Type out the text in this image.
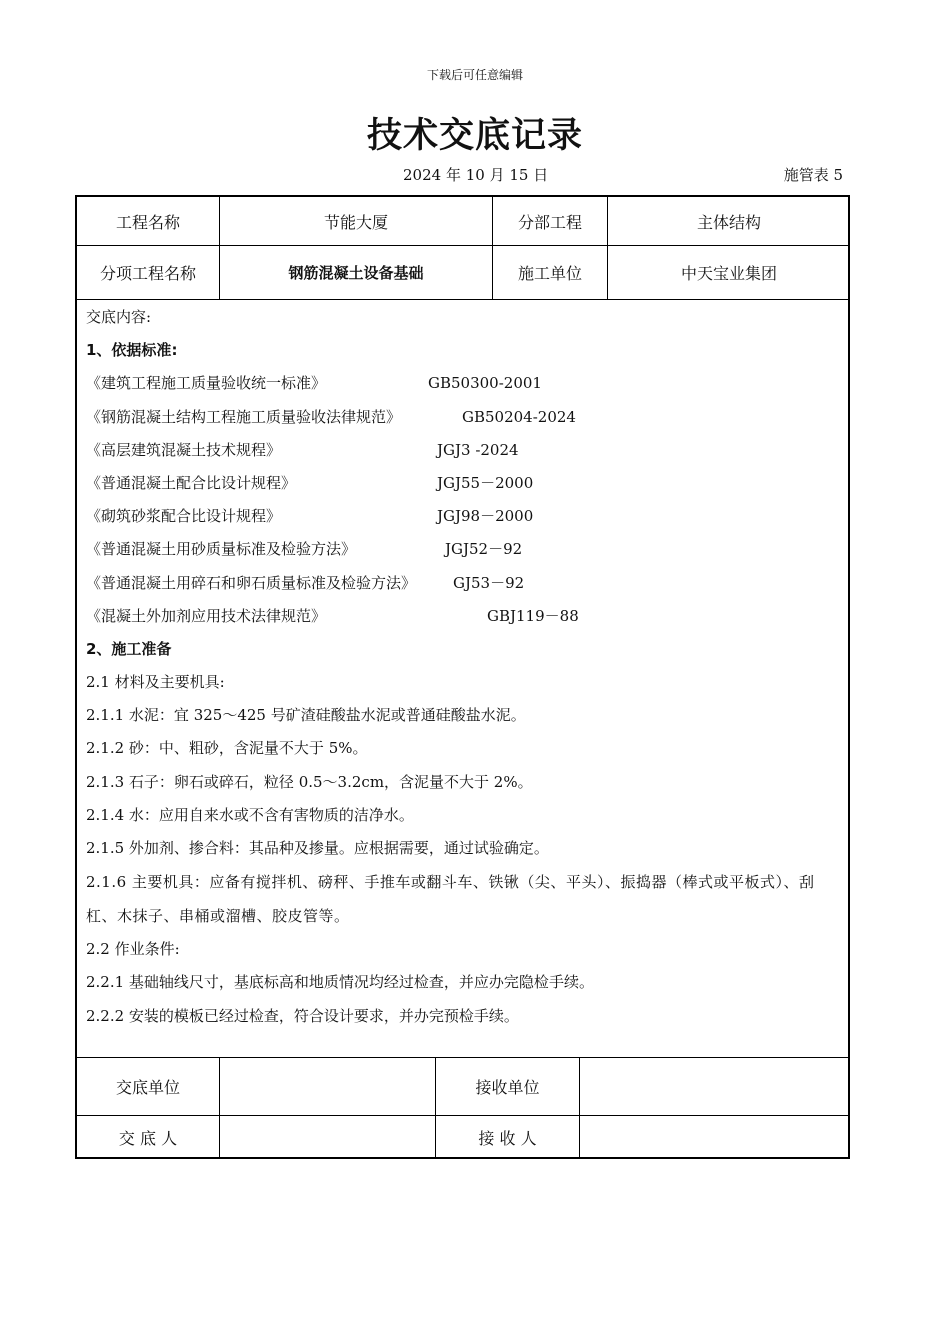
下载后可任意编辑
技术交底记录
2024 年 10 月 15 日	施管表 5
工程名称	节能大厦	分部工程	主体结构
分项工程名称	钢筋混凝土设备基础	施工单位	中天宝业集团
交底内容:
1、依据标准:
《建筑工程施工质量验收统一标准》	GB50300-2001
《钢筋混凝土结构工程施工质量验收法律规范》	GB50204-2024
《高层建筑混凝土技术规程》	JGJ3 -2024
《普通混凝土配合比设计规程》	JGJ55－2000
《砌筑砂浆配合比设计规程》	JGJ98－2000
《普通混凝土用砂质量标准及检验方法》	JGJ52－92
《普通混凝土用碎石和卵石质量标准及检验方法》 GJ53－92
《混凝土外加剂应用技术法律规范》	GBJ119－88
2、施工准备
2.1 材料及主要机具:
2.1.1 水泥：宜 325～425 号矿渣硅酸盐水泥或普通硅酸盐水泥。
2.1.2 砂：中、粗砂，含泥量不大于 5%。
2.1.3 石子：卵石或碎石，粒径 0.5～3.2cm，含泥量不大于 2%。
2.1.4 水：应用自来水或不含有害物质的洁净水。
2.1.5 外加剂、掺合料：其品种及掺量。应根据需要，通过试验确定。
2.1.6 主要机具：应备有搅拌机、磅秤、手推车或翻斗车、铁锹（尖、平头）、振捣器（棒式或平板式）、刮杠、木抹子、串桶或溜槽、胶皮管等。
2.2 作业条件:
2.2.1 基础轴线尺寸，基底标高和地质情况均经过检查，并应办完隐检手续。
2.2.2 安装的模板已经过检查，符合设计要求，并办完预检手续。
交底单位	接收单位
交 底 人	接 收 人
